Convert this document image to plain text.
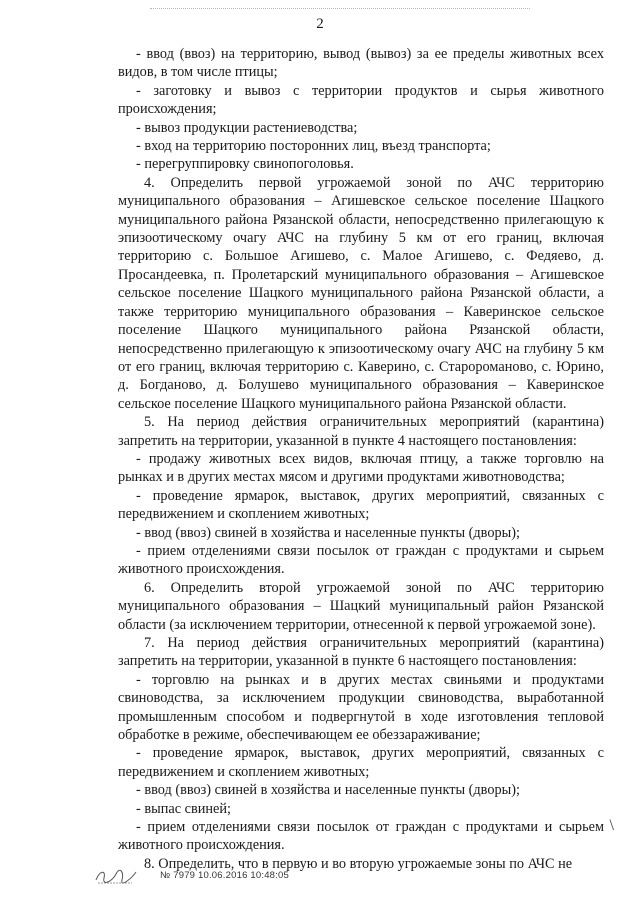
2

- ввод (ввоз) на территорию, вывод (вывоз) за ее пределы животных всех видов, в том числе птицы;

- заготовку и вывоз с территории продуктов и сырья животного происхождения;

- вывоз продукции растениеводства;

- вход на территорию посторонних лиц, въезд транспорта;

- перегруппировку свинопоголовья.

4. Определить первой угрожаемой зоной по АЧС территорию муниципального образования – Агишевское сельское поселение Шацкого муниципального района Рязанской области, непосредственно прилегающую к эпизоотическому очагу АЧС на глубину 5 км от его границ, включая территорию с. Большое Агишево, с. Малое Агишево, с. Федяево, д. Просандеевка, п. Пролетарский муниципального образования – Агишевское сельское поселение Шацкого муниципального района Рязанской области, а также территорию муниципального образования – Каверинское сельское поселение Шацкого муниципального района Рязанской области, непосредственно прилегающую к эпизоотическому очагу АЧС на глубину 5 км от его границ, включая территорию с. Каверино, с. Староромановo, с. Юрино, д. Богданово, д. Болушево муниципального образования – Каверинское сельское поселение Шацкого муниципального района Рязанской области.

5. На период действия ограничительных мероприятий (карантина) запретить на территории, указанной в пункте 4 настоящего постановления:

- продажу животных всех видов, включая птицу, а также торговлю на рынках и в других местах мясом и другими продуктами животноводства;

- проведение ярмарок, выставок, других мероприятий, связанных с передвижением и скоплением животных;

- ввод (ввоз) свиней в хозяйства и населенные пункты (дворы);

- прием отделениями связи посылок от граждан с продуктами и сырьем животного происхождения.

6. Определить второй угрожаемой зоной по АЧС территорию муниципального образования – Шацкий муниципальный район Рязанской области (за исключением территории, отнесенной к первой угрожаемой зоне).

7. На период действия ограничительных мероприятий (карантина) запретить на территории, указанной в пункте 6 настоящего постановления:

- торговлю на рынках и в других местах свиньями и продуктами свиноводства, за исключением продукции свиноводства, выработанной промышленным способом и подвергнутой в ходе изготовления тепловой обработке в режиме, обеспечивающем ее обеззараживание;

- проведение ярмарок, выставок, других мероприятий, связанных с передвижением и скоплением животных;

- ввод (ввоз) свиней в хозяйства и населенные пункты (дворы);

- выпас свиней;

- прием отделениями связи посылок от граждан с продуктами и сырьем животного происхождения.

8. Определить, что в первую и во вторую угрожаемые зоны по АЧС не

\
№ 7979 10.06.2016 10:48:05
